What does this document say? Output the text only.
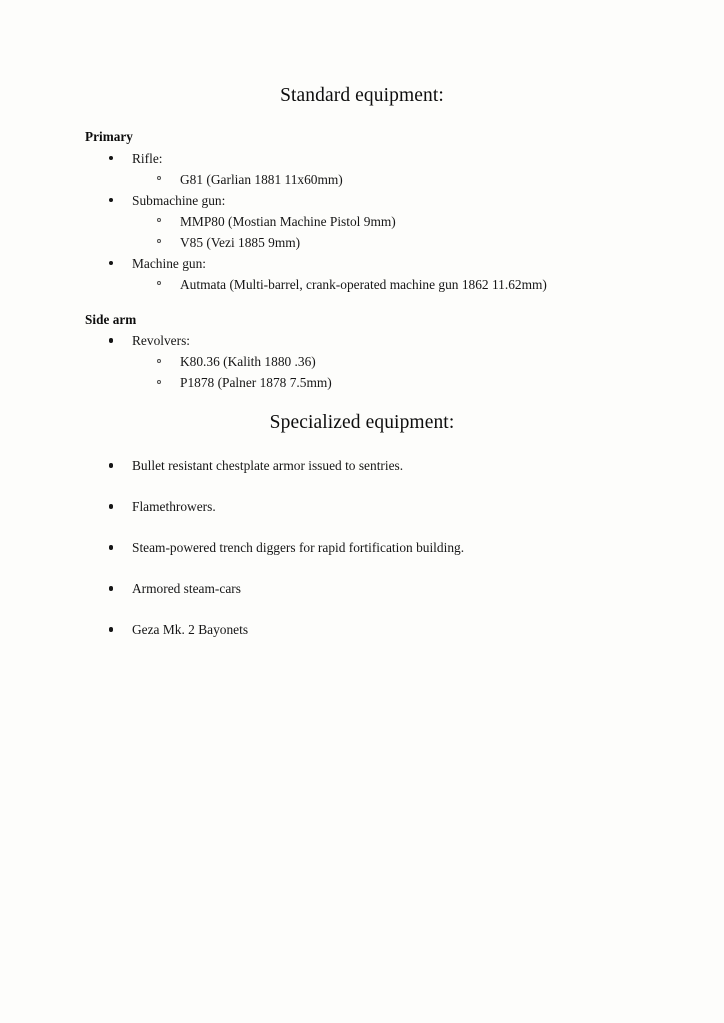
Standard equipment:
Primary
Rifle:
G81 (Garlian 1881 11x60mm)
Submachine gun:
MMP80 (Mostian Machine Pistol 9mm)
V85 (Vezi 1885 9mm)
Machine gun:
Autmata (Multi-barrel, crank-operated machine gun 1862 11.62mm)
Side arm
Revolvers:
K80.36 (Kalith 1880 .36)
P1878 (Palner 1878 7.5mm)
Specialized equipment:
Bullet resistant chestplate armor issued to sentries.
Flamethrowers.
Steam-powered trench diggers for rapid fortification building.
Armored steam-cars
Geza Mk. 2 Bayonets
